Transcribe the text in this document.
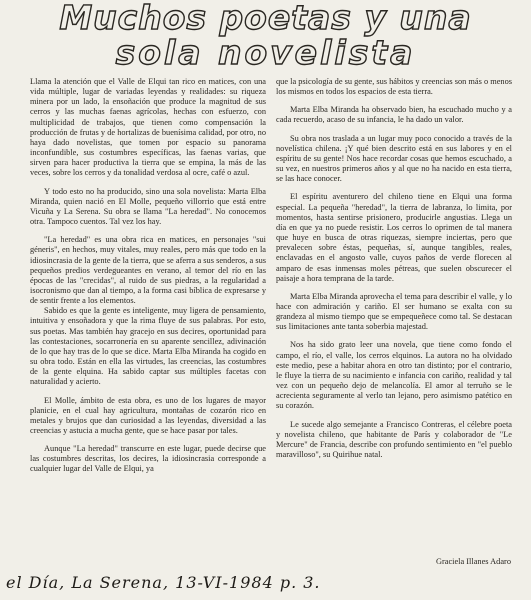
Muchos poetas y una
sola novelista

Llama la atención que el Valle de Elqui tan rico en matices, con una vida múltiple, lugar de variadas leyendas y realidades: su riqueza minera por un lado, la ensoñación que produce la magnitud de sus cerros y las muchas faenas agrícolas, hechas con esfuerzo, con multiplicidad de trabajos, que tienen como compensación la producción de frutas y de hortalizas de buenísima calidad, por otro, no haya dado novelistas, que tomen por espacio su panorama inconfundible, sus costumbres específicas, las faenas varias, que sirven para hacer productiva la tierra que se empina, la más de las veces, sobre los cerros y da tonalidad verdosa al ocre, café o azul.

Y todo esto no ha producido, sino una sola novelista: Marta Elba Miranda, quien nació en El Molle, pequeño villorrio que está entre Vicuña y La Serena. Su obra se llama "La heredad". No conocemos otra. Tampoco cuentos. Tal vez los hay.

"La heredad" es una obra rica en matices, en personajes "sui géneris", en hechos, muy vitales, muy reales, pero más que todo en la idiosincrasia de la gente de la tierra, que se aferra a sus senderos, a sus pequeños predios verdegueantes en verano, al temor del río en las épocas de las "crecidas", al ruido de sus piedras, a la regularidad a isocronismo que dan al tiempo, a la forma casi bíblica de expresarse y de sentir frente a los elementos.

Sabido es que la gente es inteligente, muy ligera de pensamiento, intuitiva y ensoñadora y que la rima fluye de sus palabras. Por esto, sus poetas. Mas también hay gracejo en sus decires, oportunidad para las contestaciones, socarronería en su aparente sencillez, adivinación de lo que hay tras de lo que se dice. Marta Elba Miranda ha cogido en su obra todo. Están en ella las virtudes, las creencias, las costumbres de la gente elquina. Ha sabido captar sus múltiples facetas con naturalidad y acierto.

El Molle, ámbito de esta obra, es uno de los lugares de mayor planicie, en el cual hay agricultura, montañas de cozarón rico en metales y brujos que dan curiosidad a las leyendas, diversidad a las creencias y astucia a mucha gente, que se hace pasar por tales.

Aunque "La heredad" transcurre en este lugar, puede decirse que las costumbres descritas, los decires, la idiosincrasia corresponde a cualquier lugar del Valle de Elqui, ya

que la psicología de su gente, sus hábitos y creencias son más o menos los mismos en todos los espacios de esta tierra.

Marta Elba Miranda ha observado bien, ha escuchado mucho y a cada recuerdo, acaso de su infancia, le ha dado un valor.

Su obra nos traslada a un lugar muy poco conocido a través de la novelística chilena. ¡Y qué bien descrito está en sus labores y en el espíritu de su gente! Nos hace recordar cosas que hemos escuchado, a su vez, en nuestros primeros años y al que no ha nacido en esta tierra, se las hace conocer.

El espíritu aventurero del chileno tiene en Elqui una forma especial. La pequeña "heredad", la tierra de labranza, lo limita, por momentos, hasta sentirse prisionero, producirle angustias. Llega un día en que ya no puede resistir. Los cerros lo oprimen de tal manera que huye en busca de otras riquezas, siempre inciertas, pero que prevalecen sobre éstas, pequeñas, sí, aunque tangibles, reales, enclavadas en el angosto valle, cuyos paños de verde florecen al amparo de esas inmensas moles pétreas, que suelen obscurecer el paisaje a hora temprana de la tarde.

Marta Elba Miranda aprovecha el tema para describir el valle, y lo hace con admiración y cariño. El ser humano se exalta con su grandeza al mismo tiempo que se empequeñece como tal. Se destacan sus limitaciones ante tanta soberbia majestad.

Nos ha sido grato leer una novela, que tiene como fondo el campo, el río, el valle, los cerros elquinos. La autora no ha olvidado este medio, pese a habitar ahora en otro tan distinto; por el contrario, le fluye la tierra de su nacimiento e infancia con cariño, realidad y tal vez con un pequeño dejo de melancolía. El amor al terruño se le acrecienta seguramente al verlo tan lejano, pero asimismo patético en su corazón.

Le sucede algo semejante a Francisco Contreras, el célebre poeta y novelista chileno, que habitante de París y colaborador de "Le Mercure" de Francia, describe con profundo sentimiento en "el pueblo maravilloso", su Quirihue natal.

Graciela Illanes Adaro
el Día, La Serena, 13-VI-1984 p. 3.
